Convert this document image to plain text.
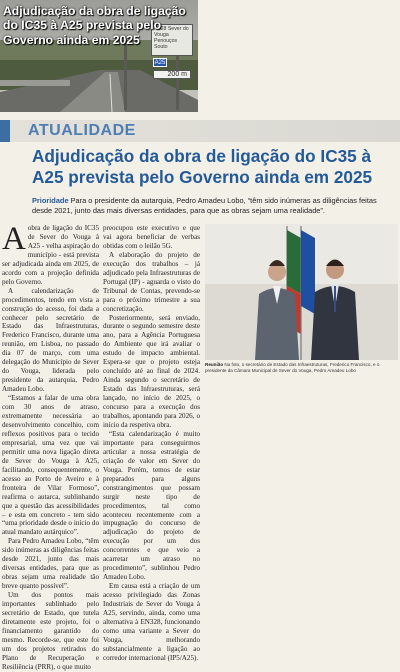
N328 Sever do Vouga Penouços Souto
A25
200 m
Adjudicação da obra de ligação do IC35 à A25 prevista pelo Governo ainda em 2025
ATUALIDADE
Adjudicação da obra de ligação do IC35 à A25 prevista pelo Governo ainda em 2025

Prioridade Para o presidente da autarquia, Pedro Amadeu Lobo, “têm sido inúmeras as diligências feitas desde 2021, junto das mais diversas entidades, para que as obras sejam uma realidade”.

Aobra de ligação do IC35 de Sever do Vouga à A25 - velha aspiração do município - está prevista ser adjudicada ainda em 2025, de acordo com a projeção definida pelo Governo.

A calendarização de procedimentos, tendo em vista a construção do acesso, foi dada a conhecer pelo secretário de Estado das Infraestruturas, Frederico Francisco, durante uma reunião, em Lisboa, no passado dia 07 de março, com uma delegação do Município de Sever do Vouga, liderada pelo presidente da autarquia, Pedro Amadeu Lobo.

“Estamos a falar de uma obra com 30 anos de atraso, extremamente necessária ao desenvolvimento concelhio, com reflexos positivos para o tecido empresarial, uma vez que vai permitir uma nova ligação direta de Sever do Vouga à A25, facilitando, consequentemente, o acesso ao Porto de Aveiro e à fronteira de Vilar Formoso”, reafirma o autarca, sublinhando que a questão das acessibilidades – e esta em concreto - tem sido “uma prioridade desde o início do atual mandato autárquico”.

Para Pedro Amadeu Lobo, “têm sido inúmeras as diligências feitas desde 2021, junto das mais diversas entidades, para que as obras sejam uma realidade tão breve quanto possível”.

Um dos pontos mais importantes sublinhado pelo secretário de Estado, que tutela diretamente este projeto, foi o financiamento garantido do mesmo. Recorde-se, que este foi um dos projetos retirados do Plano de Recuperação e Resiliência (PRR), o que muito

preocupou este executivo e que vai agora beneficiar de verbas obtidas com o leilão 5G.

A elaboração do projeto de execução dos trabalhos – já adjudicado pela Infraestruturas de Portugal (IP) - aguarda o visto do Tribunal de Contas, prevendo-se para o próximo trimestre a sua concretização.

Posteriormente, será enviado, durante o segundo semestre deste ano, para a Agência Portuguesa do Ambiente que irá avaliar o estudo de impacto ambiental. Espera-se que o projeto esteja concluído até ao final de 2024. Ainda segundo o secretário de Estado das Infraestruturas, será lançado, no início de 2025, o concurso para a execução dos trabalhos, apontando para 2026, o início da respetiva obra.

“Esta calendarização é muito importante para conseguirmos articular a nossa estratégia de criação de valor em Sever do Vouga. Porém, temos de estar preparados para alguns constrangimentos que possam surgir neste tipo de procedimentos, tal como aconteceu recentemente com a impugnação do concurso de adjudicação do projeto de execução por um dos concorrentes e que veio a acarretar um atraso no procedimento”, sublinhou Pedro Amadeu Lobo.

Em causa está a criação de um acesso privilegiado das Zonas Industriais de Sever do Vouga à A25, servindo, ainda, como uma alternativa à EN328, funcionando como uma variante a Sever do Vouga, melhorando substancialmente a ligação ao corredor internacional (IP5/A25).

Reunião Na foto, o secretário de Estado das Infraestruturas, Frederico Francisco, e o presidente da Câmara Municipal de Sever do Vouga, Pedro Amadeu Lobo
